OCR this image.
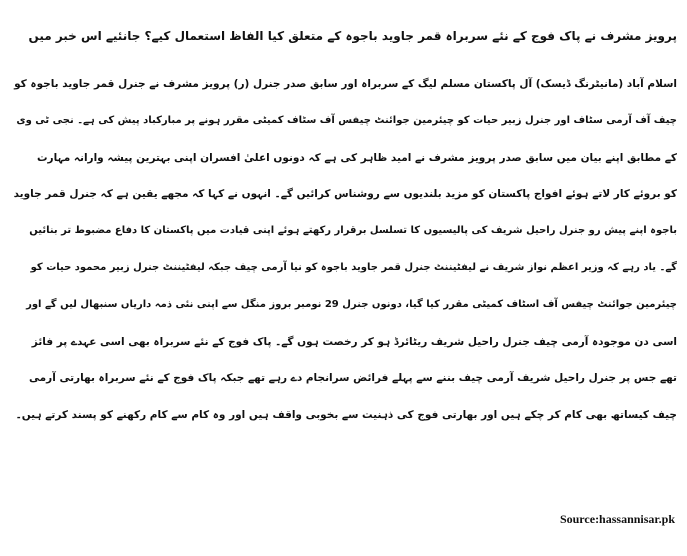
پرویز مشرف نے پاک فوج کے نئے سربراہ قمر جاوید باجوہ کے متعلق کیا الفاظ استعمال کیے؟ جانئیے اس خبر میں
اسلام آباد (مانیٹرنگ ڈیسک) آل پاکستان مسلم لیگ کے سربراہ اور سابق صدر جنرل (ر) پرویز مشرف نے جنرل قمر جاوید باجوہ کو
چیف آف آرمی سٹاف اور جنرل زبیر حیات کو چیئرمین جوائنٹ چیفس آف سٹاف کمیٹی مقرر ہونے پر مبارکباد پیش کی ہے۔ نجی ٹی وی
کے مطابق اپنے بیان میں سابق صدر پرویز مشرف نے امید ظاہر کی ہے کہ دونوں اعلیٰ افسران اپنی بہترین پیشہ وارانہ مہارت
کو بروئے کار لاتے ہوئے افواج پاکستان کو مزید بلندیوں سے روشناس کرائیں گے۔ انہوں نے کہا کہ مجھے یقین ہے کہ جنرل قمر جاوید
باجوہ اپنے پیش رو جنرل راحیل شریف کی پالیسیوں کا تسلسل برقرار رکھتے ہوئے اپنی قیادت میں پاکستان کا دفاع مضبوط تر بنائیں
گے۔ یاد رہے کہ وزیر اعظم نواز شریف نے لیفٹیننٹ جنرل قمر جاوید باجوہ کو نیا آرمی چیف جبکہ لیفٹیننٹ جنرل زبیر محمود حیات کو
چیئرمین جوائنٹ چیفس آف اسٹاف کمیٹی مقرر کیا گیا، دونوں جنرل 29 نومبر بروز منگل سے اپنی نئی ذمہ داریاں سنبھال لیں گے اور
اسی دن موجودہ آرمی چیف جنرل راحیل شریف ریٹائرڈ ہو کر رخصت ہوں گے۔ پاک فوج کے نئے سربراہ بھی اسی عہدے پر فائز
تھے جس پر جنرل راحیل شریف آرمی چیف بننے سے پہلے فرائض سرانجام دے رہے تھے جبکہ پاک فوج کے نئے سربراہ بھارتی آرمی
چیف کیساتھ بھی کام کر چکے ہیں اور بھارتی فوج کی ذہنیت سے بخوبی واقف ہیں اور وہ کام سے کام رکھنے کو پسند کرتے ہیں۔
Source:hassannisar.pk
